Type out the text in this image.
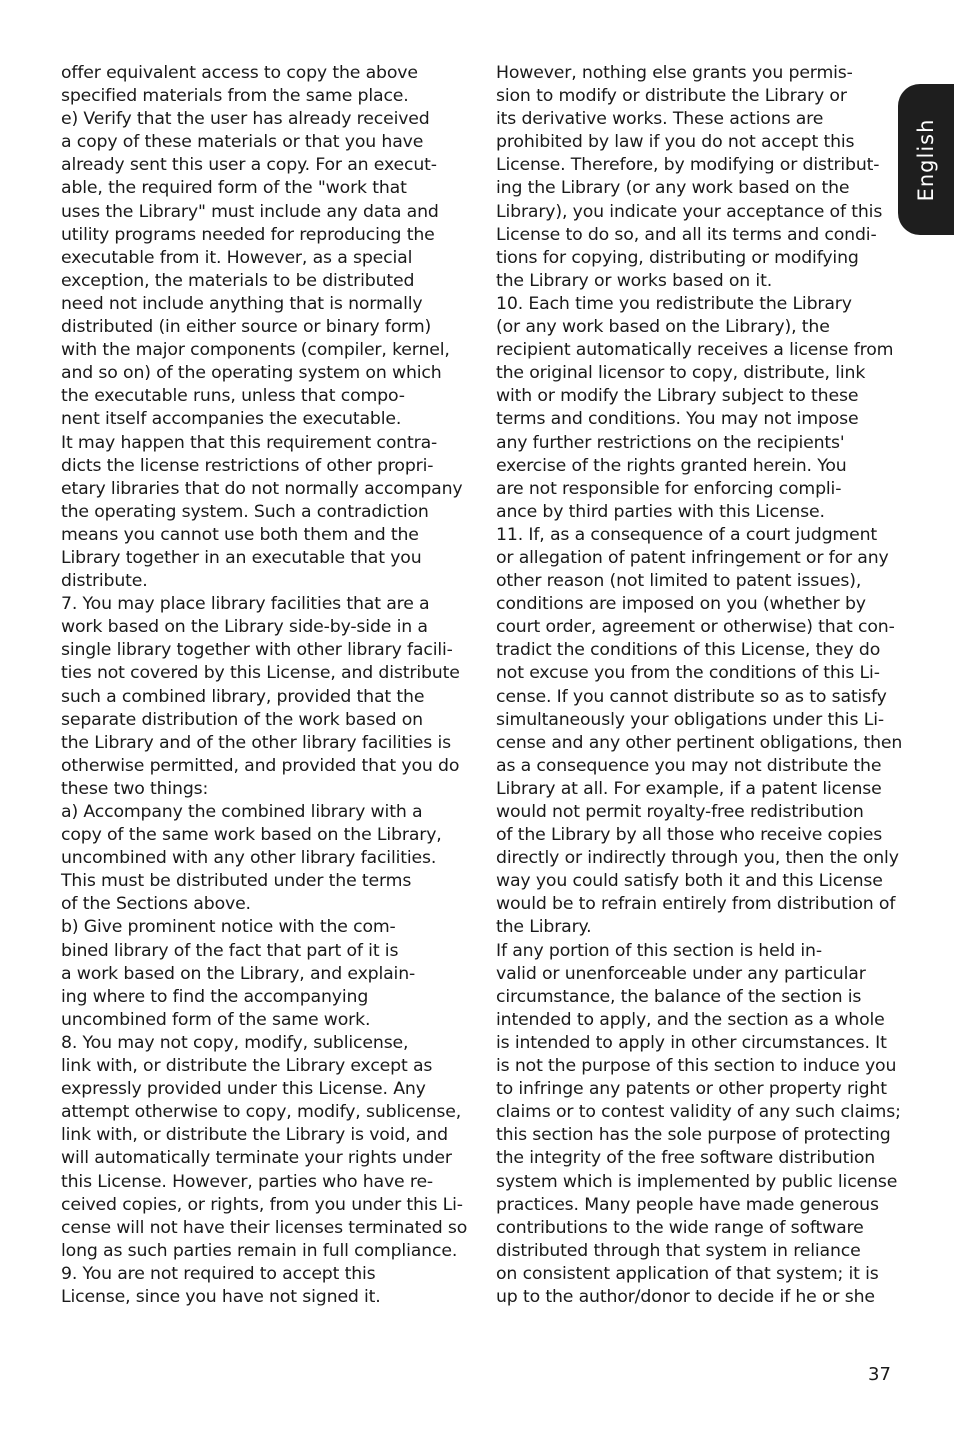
offer equivalent access to copy the above
specified materials from the same place.
e) Verify that the user has already received
a copy of these materials or that you have
already sent this user a copy. For an execut-
able, the required form of the "work that
uses the Library" must include any data and
utility programs needed for reproducing the
executable from it. However, as a special
exception, the materials to be distributed
need not include anything that is normally
distributed (in either source or binary form)
with the major components (compiler, kernel,
and so on) of the operating system on which
the executable runs, unless that compo-
nent itself accompanies the executable.
It may happen that this requirement contra-
dicts the license restrictions of other propri-
etary libraries that do not normally accompany
the operating system. Such a contradiction
means you cannot use both them and the
Library together in an executable that you
distribute.
7. You may place library facilities that are a
work based on the Library side-by-side in a
single library together with other library facili-
ties not covered by this License, and distribute
such a combined library, provided that the
separate distribution of the work based on
the Library and of the other library facilities is
otherwise permitted, and provided that you do
these two things:
a) Accompany the combined library with a
copy of the same work based on the Library,
uncombined with any other library facilities.
This must be distributed under the terms
of the Sections above.
b) Give prominent notice with the com-
bined library of the fact that part of it is
a work based on the Library, and explain-
ing where to find the accompanying
uncombined form of the same work.
8. You may not copy, modify, sublicense,
link with, or distribute the Library except as
expressly provided under this License. Any
attempt otherwise to copy, modify, sublicense,
link with, or distribute the Library is void, and
will automatically terminate your rights under
this License. However, parties who have re-
ceived copies, or rights, from you under this Li-
cense will not have their licenses terminated so
long as such parties remain in full compliance.
9. You are not required to accept this
License, since you have not signed it.
However, nothing else grants you permis-
sion to modify or distribute the Library or
its derivative works. These actions are
prohibited by law if you do not accept this
License. Therefore, by modifying or distribut-
ing the Library (or any work based on the
Library), you indicate your acceptance of this
License to do so, and all its terms and condi-
tions for copying, distributing or modifying
the Library or works based on it.
10. Each time you redistribute the Library
(or any work based on the Library), the
recipient automatically receives a license from
the original licensor to copy, distribute, link
with or modify the Library subject to these
terms and conditions. You may not impose
any further restrictions on the recipients'
exercise of the rights granted herein. You
are not responsible for enforcing compli-
ance by third parties with this License.
11. If, as a consequence of a court judgment
or allegation of patent infringement or for any
other reason (not limited to patent issues),
conditions are imposed on you (whether by
court order, agreement or otherwise) that con-
tradict the conditions of this License, they do
not excuse you from the conditions of this Li-
cense. If you cannot distribute so as to satisfy
simultaneously your obligations under this Li-
cense and any other pertinent obligations, then
as a consequence you may not distribute the
Library at all. For example, if a patent license
would not permit royalty-free redistribution
of the Library by all those who receive copies
directly or indirectly through you, then the only
way you could satisfy both it and this License
would be to refrain entirely from distribution of
the Library.
If any portion of this section is held in-
valid or unenforceable under any particular
circumstance, the balance of the section is
intended to apply, and the section as a whole
is intended to apply in other circumstances. It
is not the purpose of this section to induce you
to infringe any patents or other property right
claims or to contest validity of any such claims;
this section has the sole purpose of protecting
the integrity of the free software distribution
system which is implemented by public license
practices. Many people have made generous
contributions to the wide range of software
distributed through that system in reliance
on consistent application of that system; it is
up to the author/donor to decide if he or she
English
37
